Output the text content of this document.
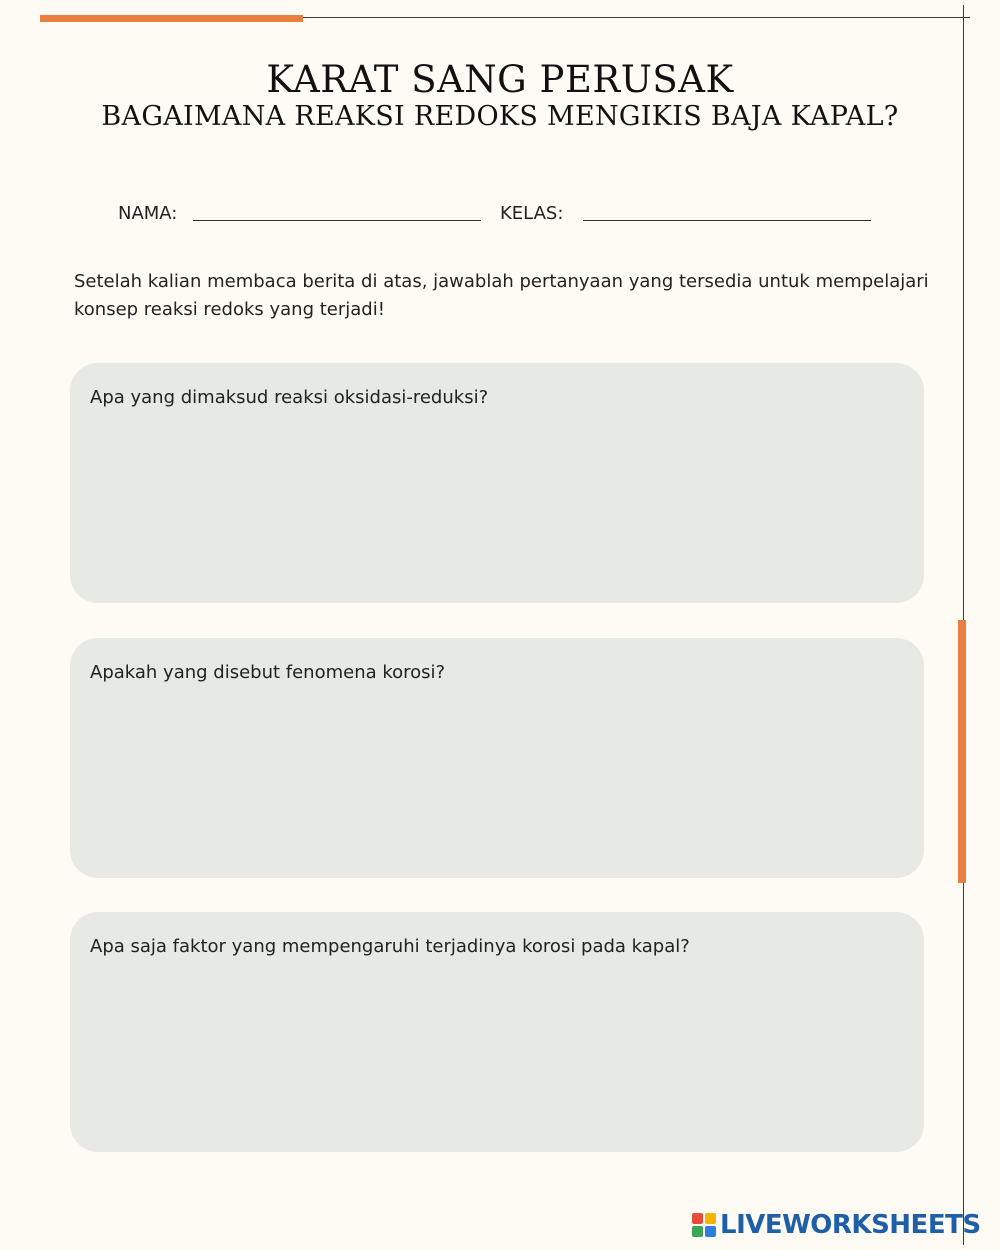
KARAT SANG PERUSAK
BAGAIMANA REAKSI REDOKS MENGIKIS BAJA KAPAL?
NAMA:	KELAS:
Setelah kalian membaca berita di atas, jawablah pertanyaan yang tersedia untuk mempelajari konsep reaksi redoks yang terjadi!
Apa yang dimaksud reaksi oksidasi-reduksi?
Apakah yang disebut fenomena korosi?
Apa saja faktor yang mempengaruhi terjadinya korosi pada kapal?
LIVEWORKSHEETS
